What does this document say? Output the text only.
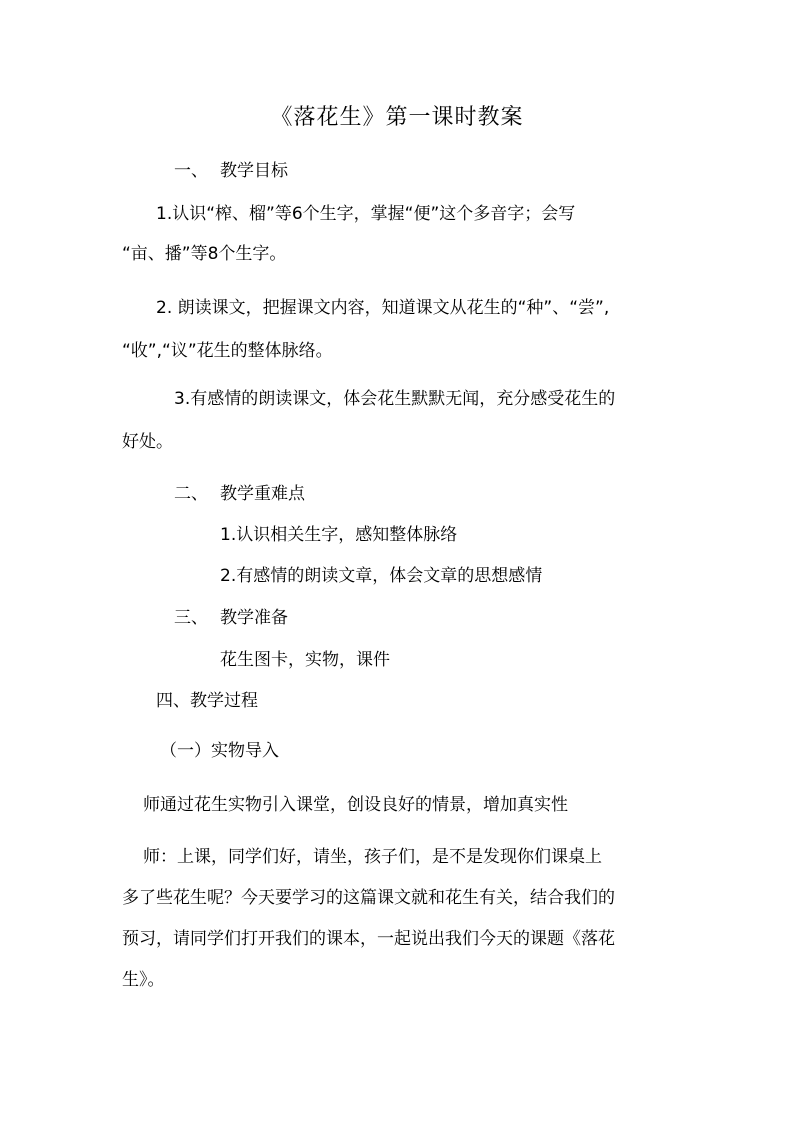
《落花生》第一课时教案
一、 教学目标
1.认识“榨、榴”等6个生字，掌握“便”这个多音字；会写
“亩、播”等8个生字。
2. 朗读课文，把握课文内容，知道课文从花生的“种”、“尝”,
“收”,“议”花生的整体脉络。
3.有感情的朗读课文，体会花生默默无闻，充分感受花生的
好处。
二、 教学重难点
1.认识相关生字，感知整体脉络
2.有感情的朗读文章，体会文章的思想感情
三、 教学准备
花生图卡，实物，课件
四、教学过程
（一）实物导入
师通过花生实物引入课堂，创设良好的情景，增加真实性
师：上课，同学们好，请坐，孩子们，是不是发现你们课桌上
多了些花生呢？今天要学习的这篇课文就和花生有关，结合我们的
预习，请同学们打开我们的课本，一起说出我们今天的课题《落花
生》。
